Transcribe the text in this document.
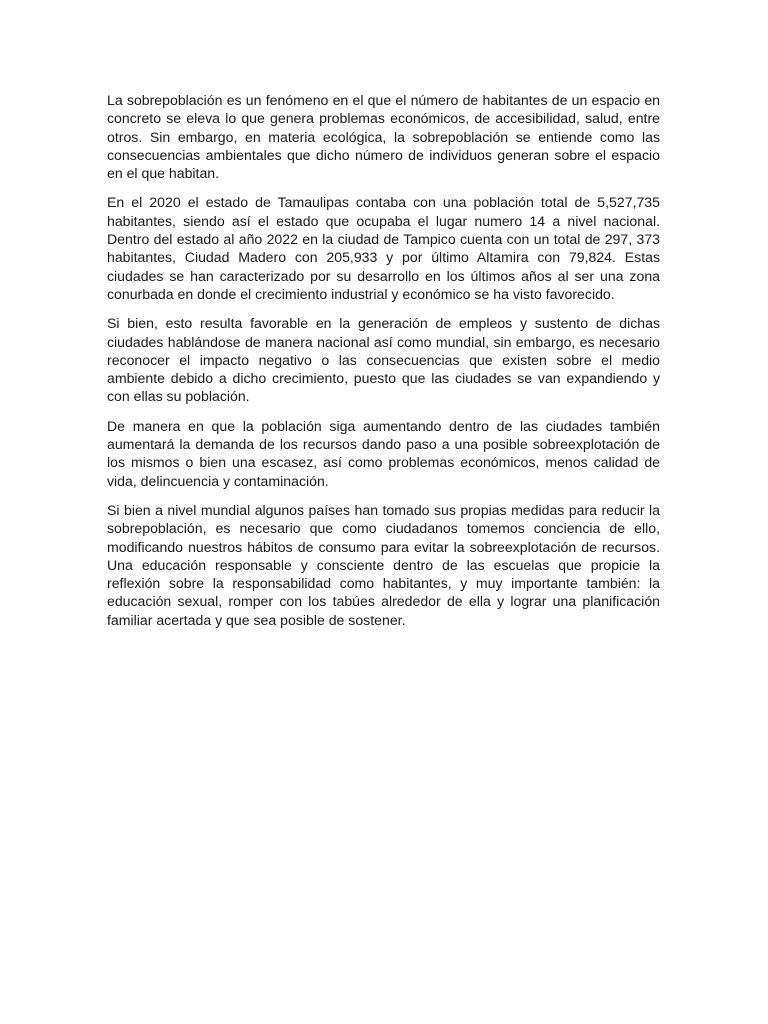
La sobrepoblación es un fenómeno en el que el número de habitantes de un espacio en concreto se eleva lo que genera problemas económicos, de accesibilidad, salud, entre otros. Sin embargo, en materia ecológica, la sobrepoblación se entiende como las consecuencias ambientales que dicho número de individuos generan sobre el espacio en el que habitan.

En el 2020 el estado de Tamaulipas contaba con una población total de 5,527,735 habitantes, siendo así el estado que ocupaba el lugar numero 14 a nivel nacional. Dentro del estado al año 2022 en la ciudad de Tampico cuenta con un total de 297, 373 habitantes, Ciudad Madero con 205,933 y por último Altamira con 79,824. Estas ciudades se han caracterizado por su desarrollo en los últimos años al ser una zona conurbada en donde el crecimiento industrial y económico se ha visto favorecido.

Si bien, esto resulta favorable en la generación de empleos y sustento de dichas ciudades hablándose de manera nacional así como mundial, sin embargo, es necesario reconocer el impacto negativo o las consecuencias que existen sobre el medio ambiente debido a dicho crecimiento, puesto que las ciudades se van expandiendo y con ellas su población.

De manera en que la población siga aumentando dentro de las ciudades también aumentará la demanda de los recursos dando paso a una posible sobreexplotación de los mismos o bien una escasez, así como problemas económicos, menos calidad de vida, delincuencia y contaminación.

Si bien a nivel mundial algunos países han tomado sus propias medidas para reducir la sobrepoblación, es necesario que como ciudadanos tomemos conciencia de ello, modificando nuestros hábitos de consumo para evitar la sobreexplotación de recursos. Una educación responsable y consciente dentro de las escuelas que propicie la reflexión sobre la responsabilidad como habitantes, y muy importante también: la educación sexual, romper con los tabúes alrededor de ella y lograr una planificación familiar acertada y que sea posible de sostener.
